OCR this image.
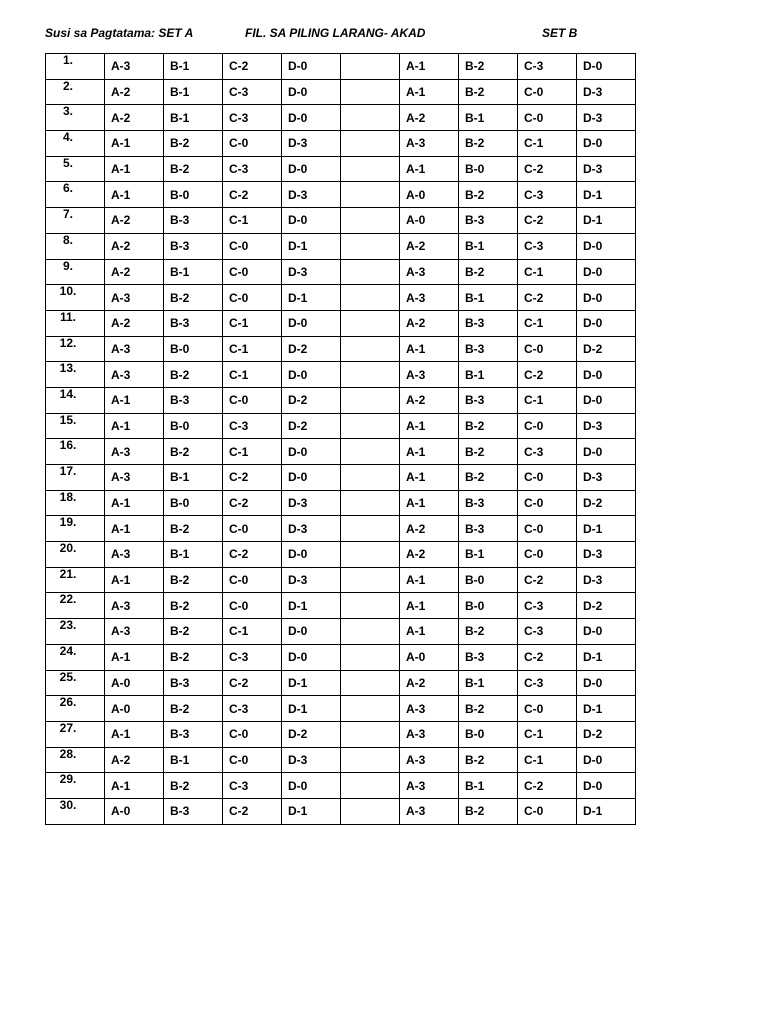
Susi sa Pagtatama: SET A	FIL. SA PILING LARANG- AKAD	SET B
1.	A-3	B-1	C-2	D-0		A-1	B-2	C-3	D-0
2.	A-2	B-1	C-3	D-0		A-1	B-2	C-0	D-3
3.	A-2	B-1	C-3	D-0		A-2	B-1	C-0	D-3
4.	A-1	B-2	C-0	D-3		A-3	B-2	C-1	D-0
5.	A-1	B-2	C-3	D-0		A-1	B-0	C-2	D-3
6.	A-1	B-0	C-2	D-3		A-0	B-2	C-3	D-1
7.	A-2	B-3	C-1	D-0		A-0	B-3	C-2	D-1
8.	A-2	B-3	C-0	D-1		A-2	B-1	C-3	D-0
9.	A-2	B-1	C-0	D-3		A-3	B-2	C-1	D-0
10.	A-3	B-2	C-0	D-1		A-3	B-1	C-2	D-0
11.	A-2	B-3	C-1	D-0		A-2	B-3	C-1	D-0
12.	A-3	B-0	C-1	D-2		A-1	B-3	C-0	D-2
13.	A-3	B-2	C-1	D-0		A-3	B-1	C-2	D-0
14.	A-1	B-3	C-0	D-2		A-2	B-3	C-1	D-0
15.	A-1	B-0	C-3	D-2		A-1	B-2	C-0	D-3
16.	A-3	B-2	C-1	D-0		A-1	B-2	C-3	D-0
17.	A-3	B-1	C-2	D-0		A-1	B-2	C-0	D-3
18.	A-1	B-0	C-2	D-3		A-1	B-3	C-0	D-2
19.	A-1	B-2	C-0	D-3		A-2	B-3	C-0	D-1
20.	A-3	B-1	C-2	D-0		A-2	B-1	C-0	D-3
21.	A-1	B-2	C-0	D-3		A-1	B-0	C-2	D-3
22.	A-3	B-2	C-0	D-1		A-1	B-0	C-3	D-2
23.	A-3	B-2	C-1	D-0		A-1	B-2	C-3	D-0
24.	A-1	B-2	C-3	D-0		A-0	B-3	C-2	D-1
25.	A-0	B-3	C-2	D-1		A-2	B-1	C-3	D-0
26.	A-0	B-2	C-3	D-1		A-3	B-2	C-0	D-1
27.	A-1	B-3	C-0	D-2		A-3	B-0	C-1	D-2
28.	A-2	B-1	C-0	D-3		A-3	B-2	C-1	D-0
29.	A-1	B-2	C-3	D-0		A-3	B-1	C-2	D-0
30.	A-0	B-3	C-2	D-1		A-3	B-2	C-0	D-1
